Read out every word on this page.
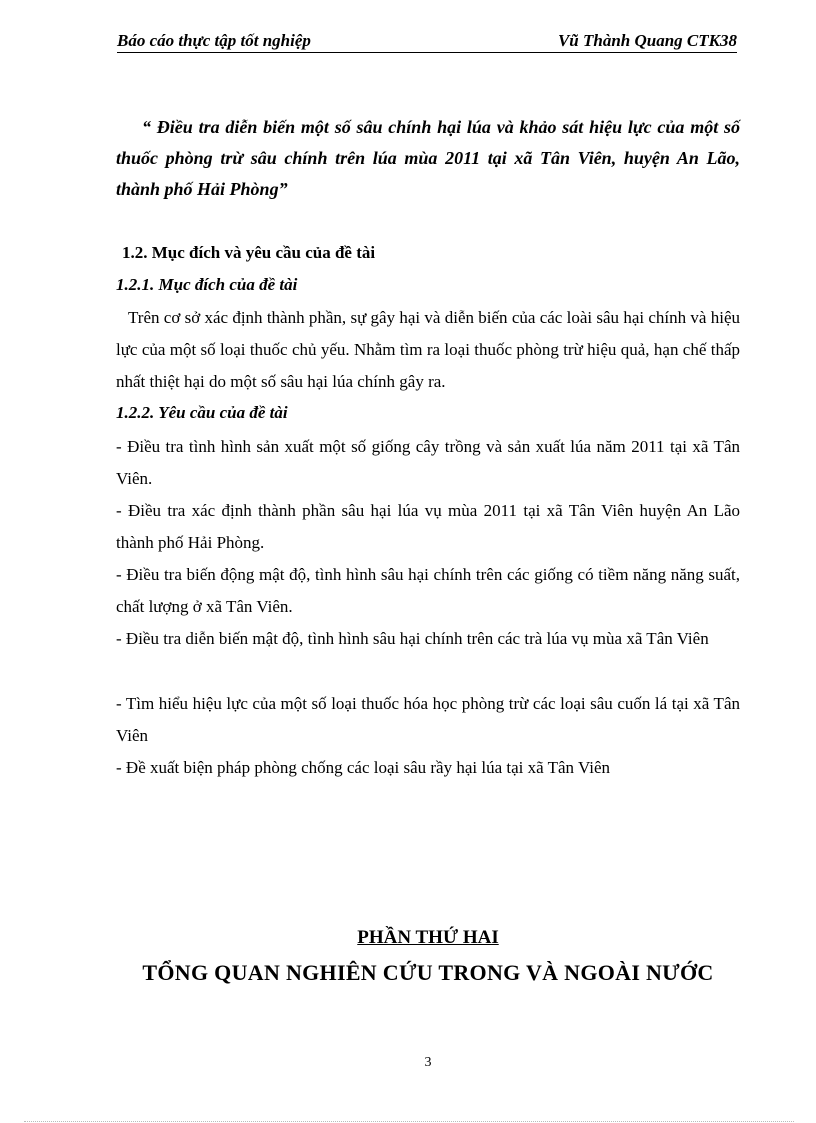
Báo cáo thực tập tốt nghiệp	Vũ Thành Quang CTK38
“ Điều tra diễn biến một số sâu chính hại lúa và khảo sát hiệu lực của một số thuốc phòng trừ sâu chính trên lúa mùa 2011 tại xã Tân Viên, huyện An Lão, thành phố Hải Phòng”
1.2. Mục đích và yêu cầu của đề tài
1.2.1. Mục đích của đề tài
Trên cơ sở xác định thành phần, sự gây hại và diễn biến của các loài sâu hại chính và hiệu lực của một số loại thuốc chủ yếu. Nhằm tìm ra loại thuốc phòng trừ hiệu quả, hạn chế thấp nhất thiệt hại do một số sâu hại lúa chính gây ra.
1.2.2. Yêu cầu của đề tài
- Điều tra tình hình sản xuất một số giống cây trồng và sản xuất lúa năm 2011 tại xã Tân Viên.
- Điều tra xác định thành phần sâu hại lúa vụ mùa 2011 tại xã Tân Viên huyện An Lão thành phố Hải Phòng.
- Điều tra biến động mật độ, tình hình sâu hại chính trên các giống có tiềm năng năng suất, chất lượng ở xã Tân Viên.
- Điều tra diễn biến mật độ, tình hình sâu hại chính trên các trà lúa vụ mùa xã Tân Viên
- Tìm hiểu hiệu lực của một số loại thuốc hóa học phòng trừ các loại sâu cuốn lá tại xã Tân Viên
- Đề xuất biện pháp phòng chống các loại sâu rầy hại lúa tại xã Tân Viên
PHẦN THỨ HAI
TỔNG QUAN NGHIÊN CỨU TRONG VÀ NGOÀI NƯỚC
3
